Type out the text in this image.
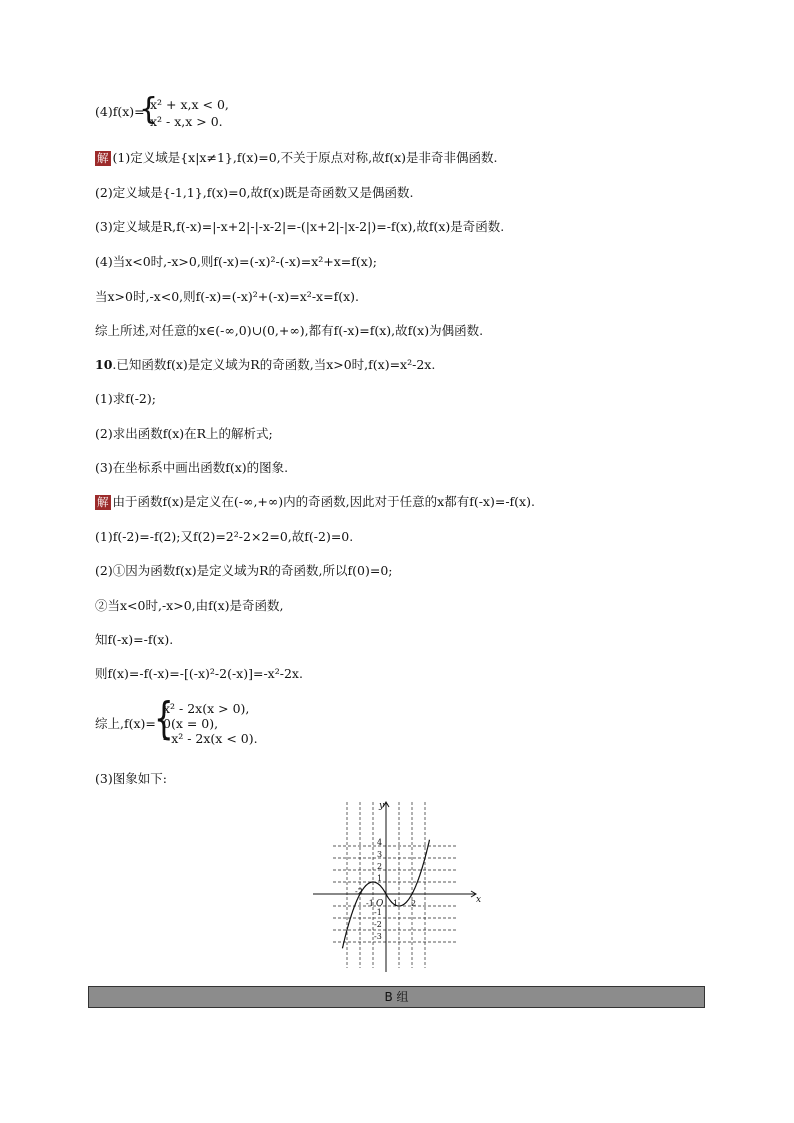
(4)f(x)=
{
x² + x,x < 0,
x² - x,x > 0.
解 (1)定义域是{x|x≠1},f(x)=0,不关于原点对称,故f(x)是非奇非偶函数.
(2)定义域是{-1,1},f(x)=0,故f(x)既是奇函数又是偶函数.
(3)定义域是R,f(-x)=|-x+2|-|-x-2|=-(|x+2|-|x-2|)=-f(x),故f(x)是奇函数.
(4)当x<0时,-x>0,则f(-x)=(-x)²-(-x)=x²+x=f(x);
当x>0时,-x<0,则f(-x)=(-x)²+(-x)=x²-x=f(x).
综上所述,对任意的x∈(-∞,0)∪(0,+∞),都有f(-x)=f(x),故f(x)为偶函数.
10.已知函数f(x)是定义域为R的奇函数,当x>0时,f(x)=x²-2x.
(1)求f(-2);
(2)求出函数f(x)在R上的解析式;
(3)在坐标系中画出函数f(x)的图象.
解 由于函数f(x)是定义在(-∞,+∞)内的奇函数,因此对于任意的x都有f(-x)=-f(x).
(1)f(-2)=-f(2);又f(2)=2²-2×2=0,故f(-2)=0.
(2)①因为函数f(x)是定义域为R的奇函数,所以f(0)=0;
②当x<0时,-x>0,由f(x)是奇函数,
知f(-x)=-f(x).
则f(x)=-f(-x)=-[(-x)²-2(-x)]=-x²-2x.
综上,f(x)=
{
x² - 2x(x > 0),
0(x = 0),
- x² - 2x(x < 0).
(3)图象如下:
x
y
O
-2
-1 1 2
4
3
2
1
-1
-2
-3
B 组
